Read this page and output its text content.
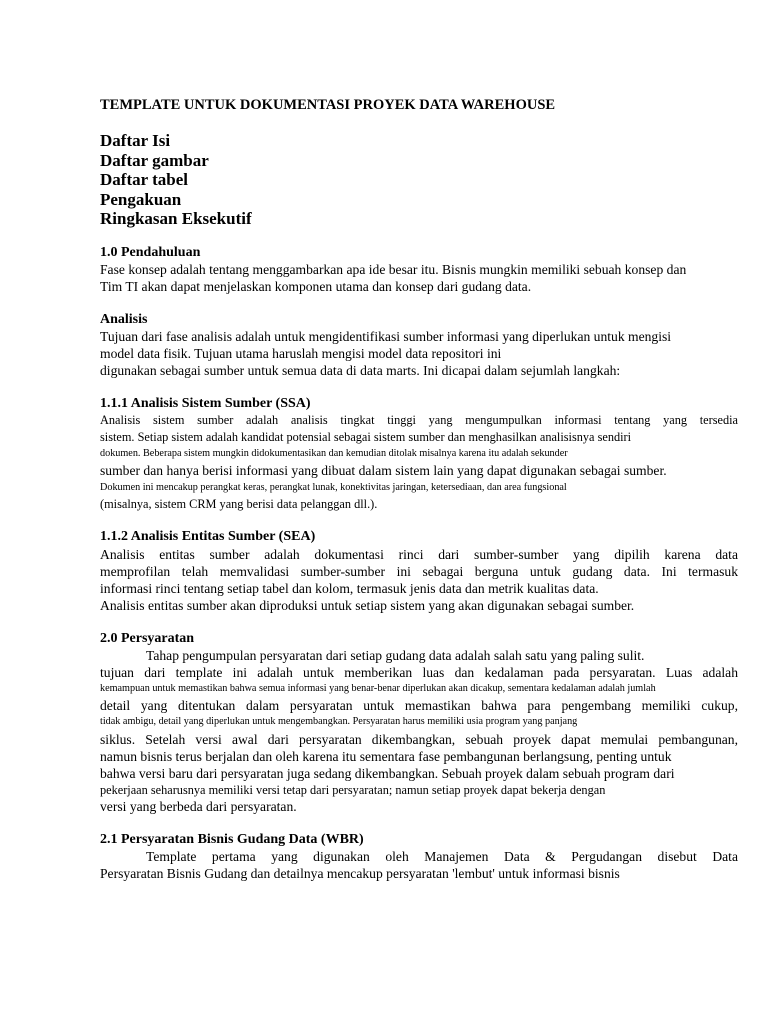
TEMPLATE UNTUK DOKUMENTASI PROYEK DATA WAREHOUSE

Daftar Isi

Daftar gambar

Daftar tabel

Pengakuan

Ringkasan Eksekutif

1.0 Pendahuluan

Fase konsep adalah tentang menggambarkan apa ide besar itu. Bisnis mungkin memiliki sebuah konsep dan

Tim TI akan dapat menjelaskan komponen utama dan konsep dari gudang data.

Analisis

Tujuan dari fase analisis adalah untuk mengidentifikasi sumber informasi yang diperlukan untuk mengisi

model data fisik. Tujuan utama haruslah mengisi model data repositori ini

digunakan sebagai sumber untuk semua data di data marts. Ini dicapai dalam sejumlah langkah:

1.1.1 Analisis Sistem Sumber (SSA)

Analisis sistem sumber adalah analisis tingkat tinggi yang mengumpulkan informasi tentang yang tersedia

sistem. Setiap sistem adalah kandidat potensial sebagai sistem sumber dan menghasilkan analisisnya sendiri

dokumen. Beberapa sistem mungkin didokumentasikan dan kemudian ditolak misalnya karena itu adalah sekunder

sumber dan hanya berisi informasi yang dibuat dalam sistem lain yang dapat digunakan sebagai sumber.

Dokumen ini mencakup perangkat keras, perangkat lunak, konektivitas jaringan, ketersediaan, dan area fungsional

(misalnya, sistem CRM yang berisi data pelanggan dll.).

1.1.2 Analisis Entitas Sumber (SEA)

Analisis entitas sumber adalah dokumentasi rinci dari sumber-sumber yang dipilih karena data

memprofilan telah memvalidasi sumber-sumber ini sebagai berguna untuk gudang data. Ini termasuk

informasi rinci tentang setiap tabel dan kolom, termasuk jenis data dan metrik kualitas data.

Analisis entitas sumber akan diproduksi untuk setiap sistem yang akan digunakan sebagai sumber.

2.0 Persyaratan

Tahap pengumpulan persyaratan dari setiap gudang data adalah salah satu yang paling sulit.

tujuan dari template ini adalah untuk memberikan luas dan kedalaman pada persyaratan. Luas adalah

kemampuan untuk memastikan bahwa semua informasi yang benar-benar diperlukan akan dicakup, sementara kedalaman adalah jumlah

detail yang ditentukan dalam persyaratan untuk memastikan bahwa para pengembang memiliki cukup,

tidak ambigu, detail yang diperlukan untuk mengembangkan. Persyaratan harus memiliki usia program yang panjang

siklus. Setelah versi awal dari persyaratan dikembangkan, sebuah proyek dapat memulai pembangunan,

namun bisnis terus berjalan dan oleh karena itu sementara fase pembangunan berlangsung, penting untuk

bahwa versi baru dari persyaratan juga sedang dikembangkan. Sebuah proyek dalam sebuah program dari

pekerjaan seharusnya memiliki versi tetap dari persyaratan; namun setiap proyek dapat bekerja dengan

versi yang berbeda dari persyaratan.

2.1 Persyaratan Bisnis Gudang Data (WBR)

Template pertama yang digunakan oleh Manajemen Data & Pergudangan disebut Data

Persyaratan Bisnis Gudang dan detailnya mencakup persyaratan 'lembut' untuk informasi bisnis
